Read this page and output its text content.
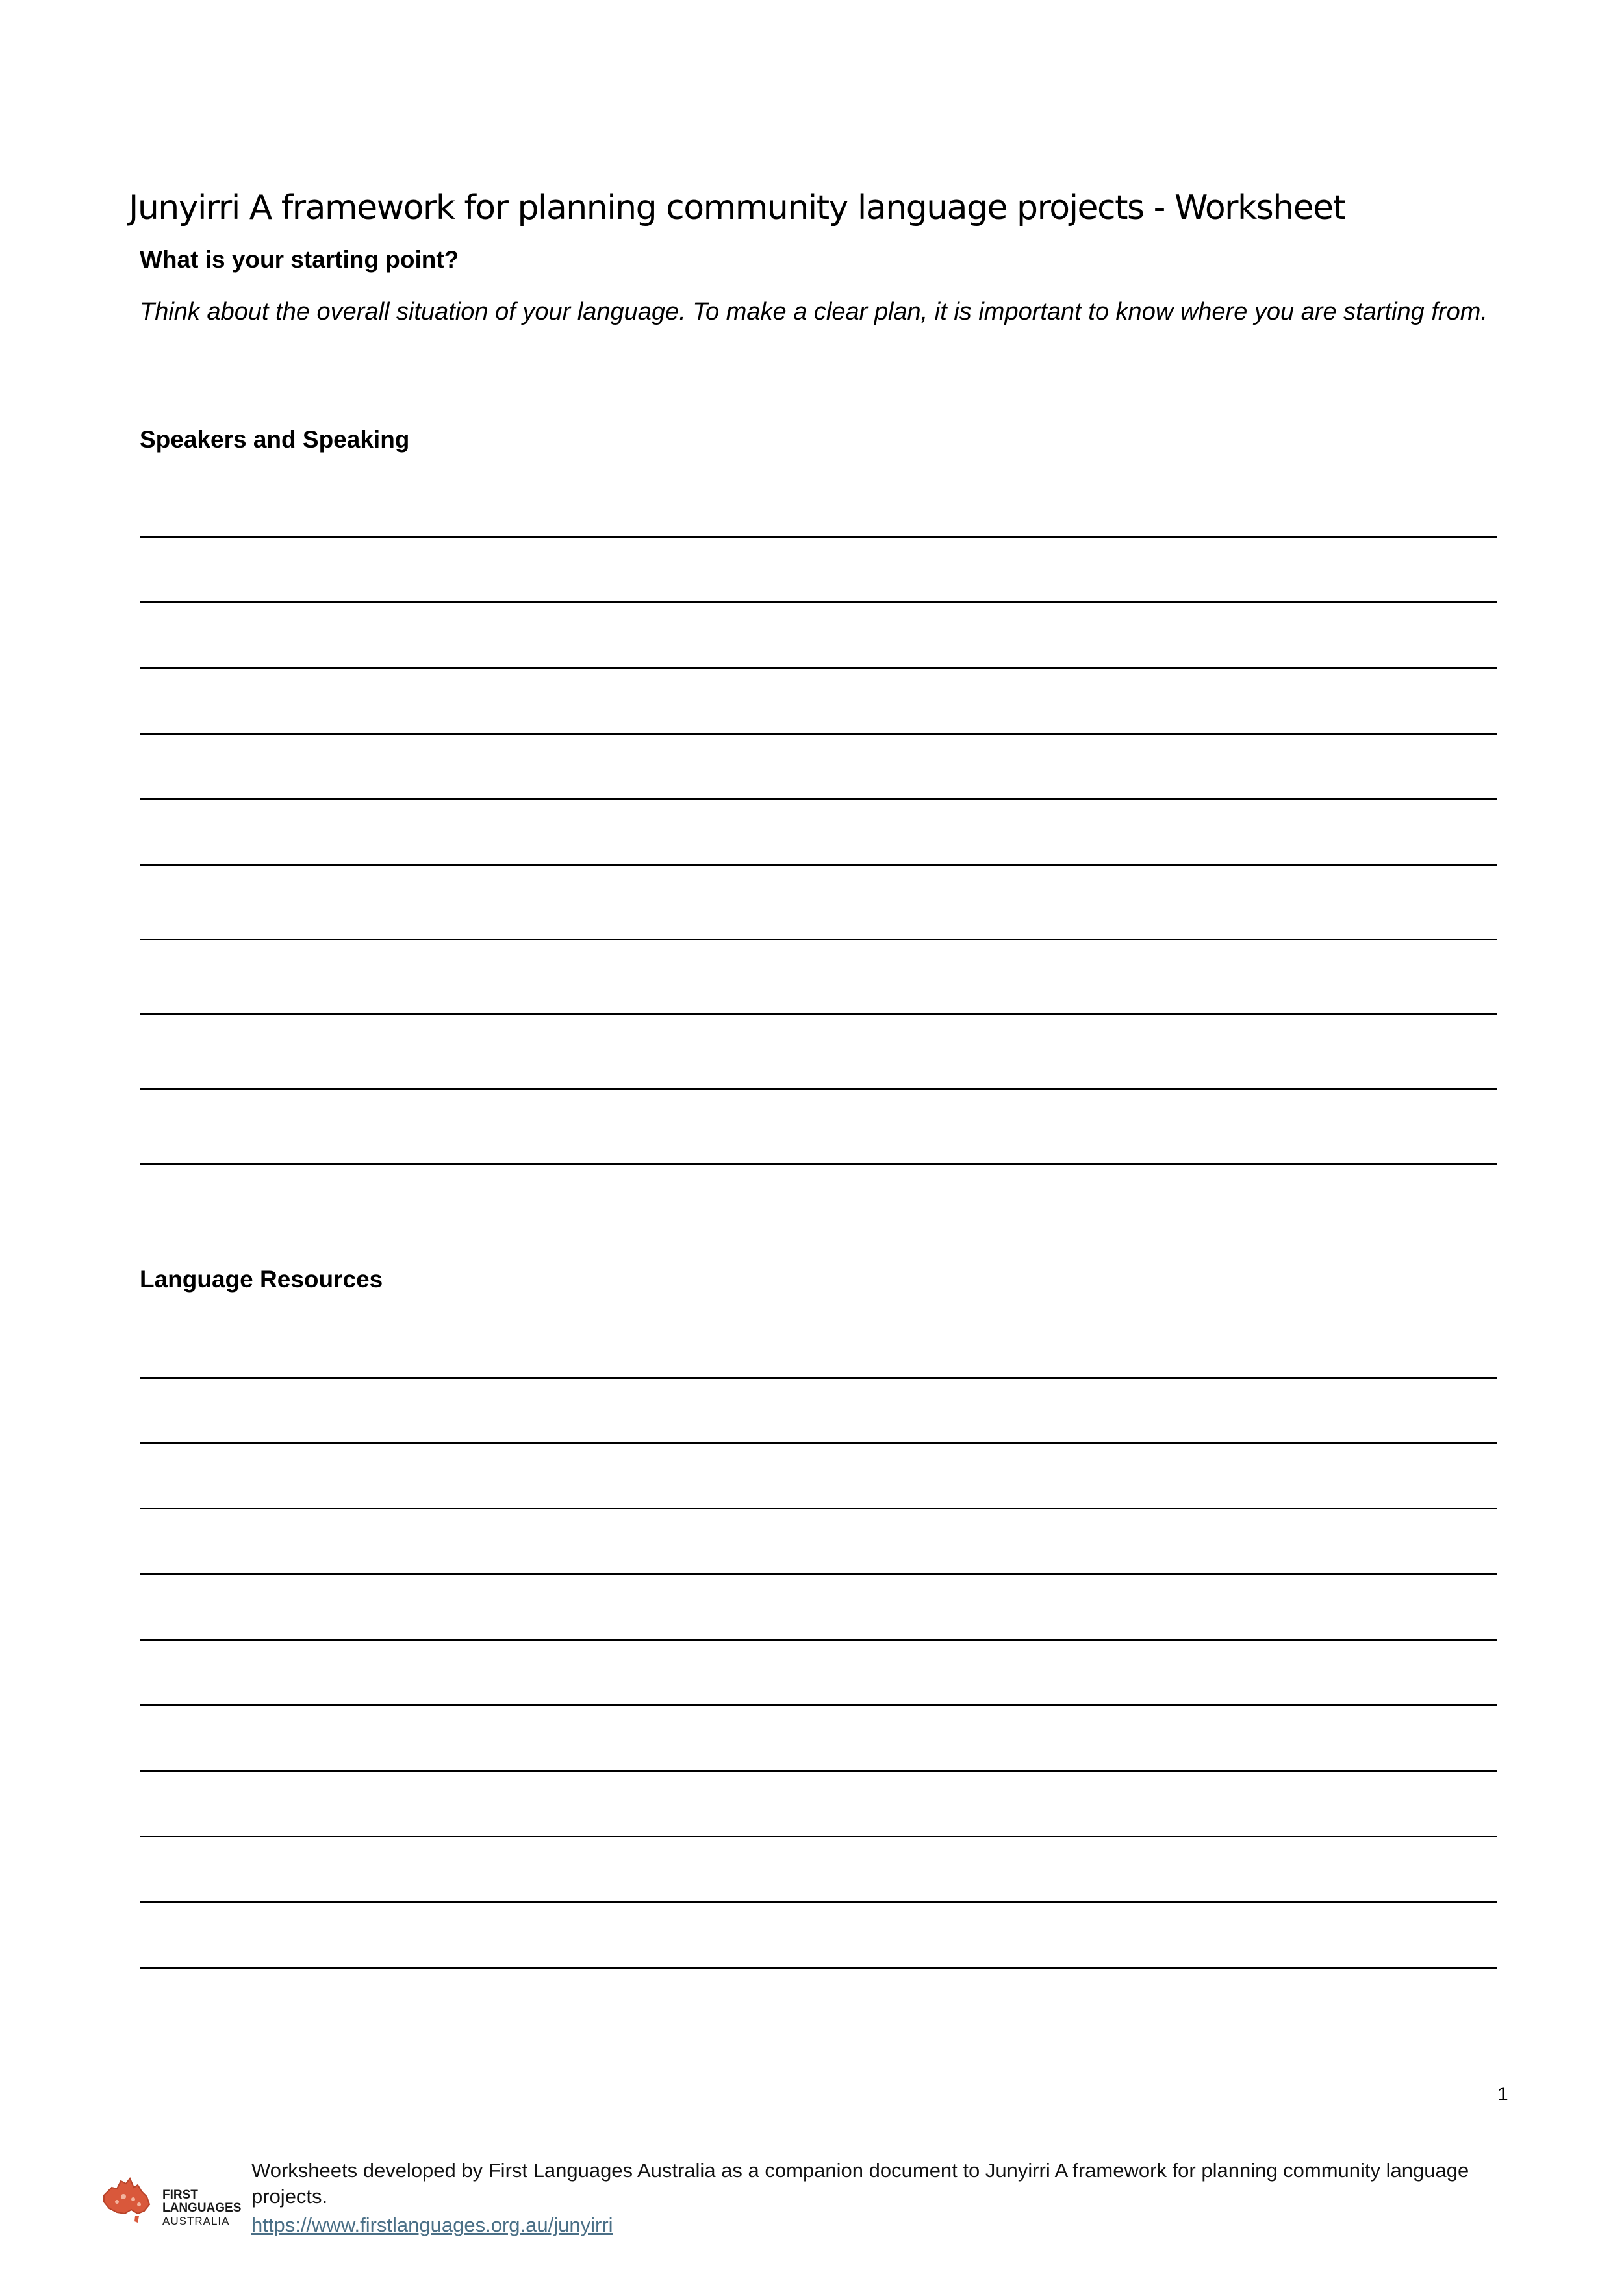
Junyirri A framework for planning community language projects - Worksheet
What is your starting point?
Think about the overall situation of your language. To make a clear plan, it is important to know where you are starting from.
Speakers and Speaking
Language Resources
1
FIRST
LANGUAGES
AUSTRALIA
Worksheets developed by First Languages Australia as a companion document to Junyirri A framework for planning community language projects.
https://www.firstlanguages.org.au/junyirri
